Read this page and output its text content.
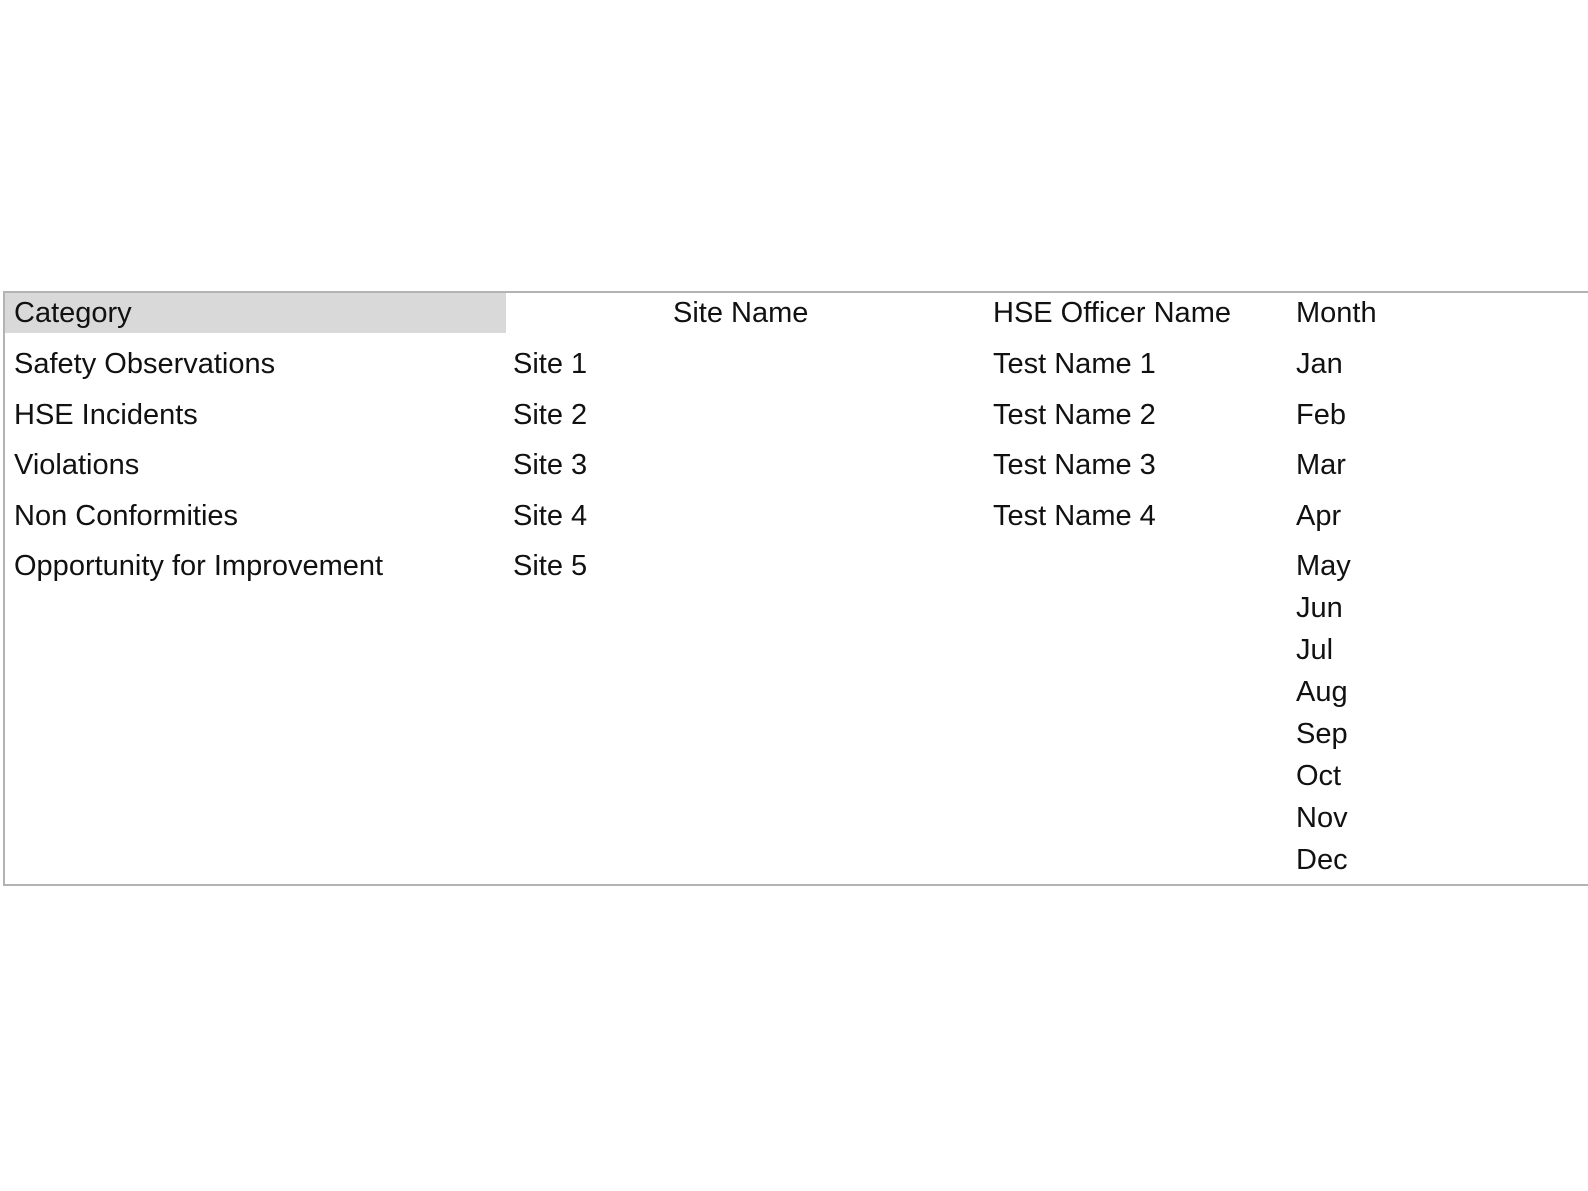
Category	Site Name	HSE Officer Name Month
Safety Observations
HSE Incidents
Violations
Non Conformities
Opportunity for Improvement
Site 1
Site 2
Site 3
Site 4
Site 5
Test Name 1
Test Name 2
Test Name 3
Test Name 4
Jan
Feb
Mar
Apr
May
Jun
Jul
Aug
Sep
Oct
Nov
Dec
